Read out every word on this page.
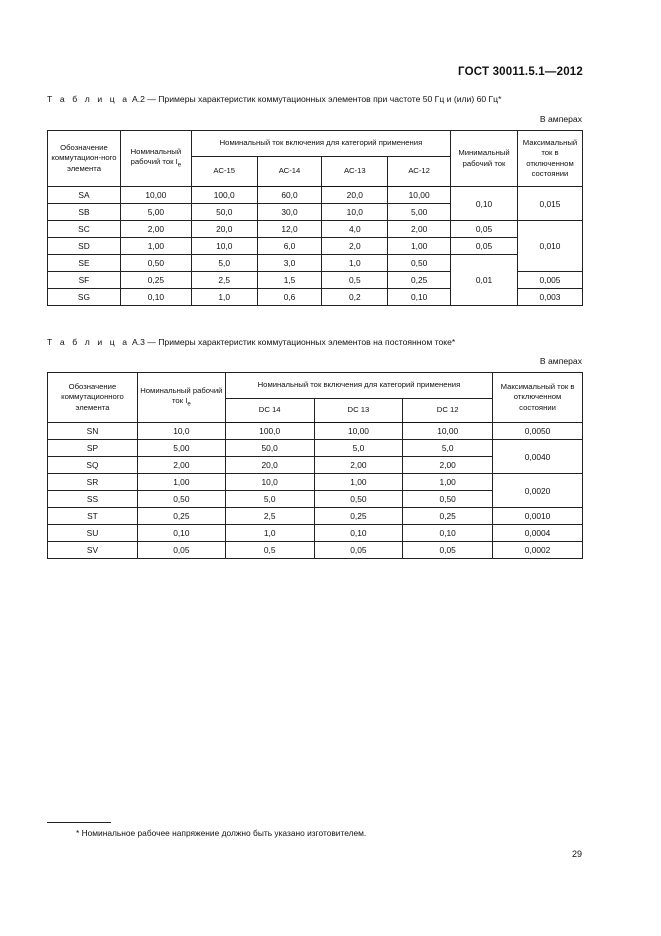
ГОСТ 30011.5.1—2012
Т а б л и ц а А.2 — Примеры характеристик коммутационных элементов при частоте 50 Гц и (или) 60 Гц*
В амперах
Обозначение коммутацион-ного элемента	Номинальный рабочий ток $I_e$	Номинальный ток включения для категорий применения				Минимальный рабочий ток	Максимальный ток в отключенном состоянии
		АС-15	АС-14	АС-13	АС-12		
SA	10,00	100,0	60,0	20,0	10,00	0,10	0,015
SB	5,00	50,0	30,0	10,0	5,00		
SC	2,00	20,0	12,0	4,0	2,00	0,05	0,010
SD	1,00	10,0	6,0	2,0	1,00	0,05	
SE	0,50	5,0	3,0	1,0	0,50	0,01	
SF	0,25	2,5	1,5	0,5	0,25		0,005
SG	0,10	1,0	0,6	0,2	0,10		0,003
Т а б л и ц а А.3 — Примеры характеристик коммутационных элементов на постоянном токе*
В амперах
Обозначение коммутационного элемента	Номинальный рабочий ток $I_e$	Номинальный ток включения для категорий применения			Максимальный ток в отключенном состоянии
		DC 14	DC 13	DC 12	
SN	10,0	100,0	10,00	10,00	0,0050
SP	5,00	50,0	5,0	5,0	0,0040
SQ	2,00	20,0	2,00	2,00	
SR	1,00	10,0	1,00	1,00	0,0020
SS	0,50	5,0	0,50	0,50	
ST	0,25	2,5	0,25	0,25	0,0010
SU	0,10	1,0	0,10	0,10	0,0004
SV	0,05	0,5	0,05	0,05	0,0002
* Номинальное рабочее напряжение должно быть указано изготовителем.
29
